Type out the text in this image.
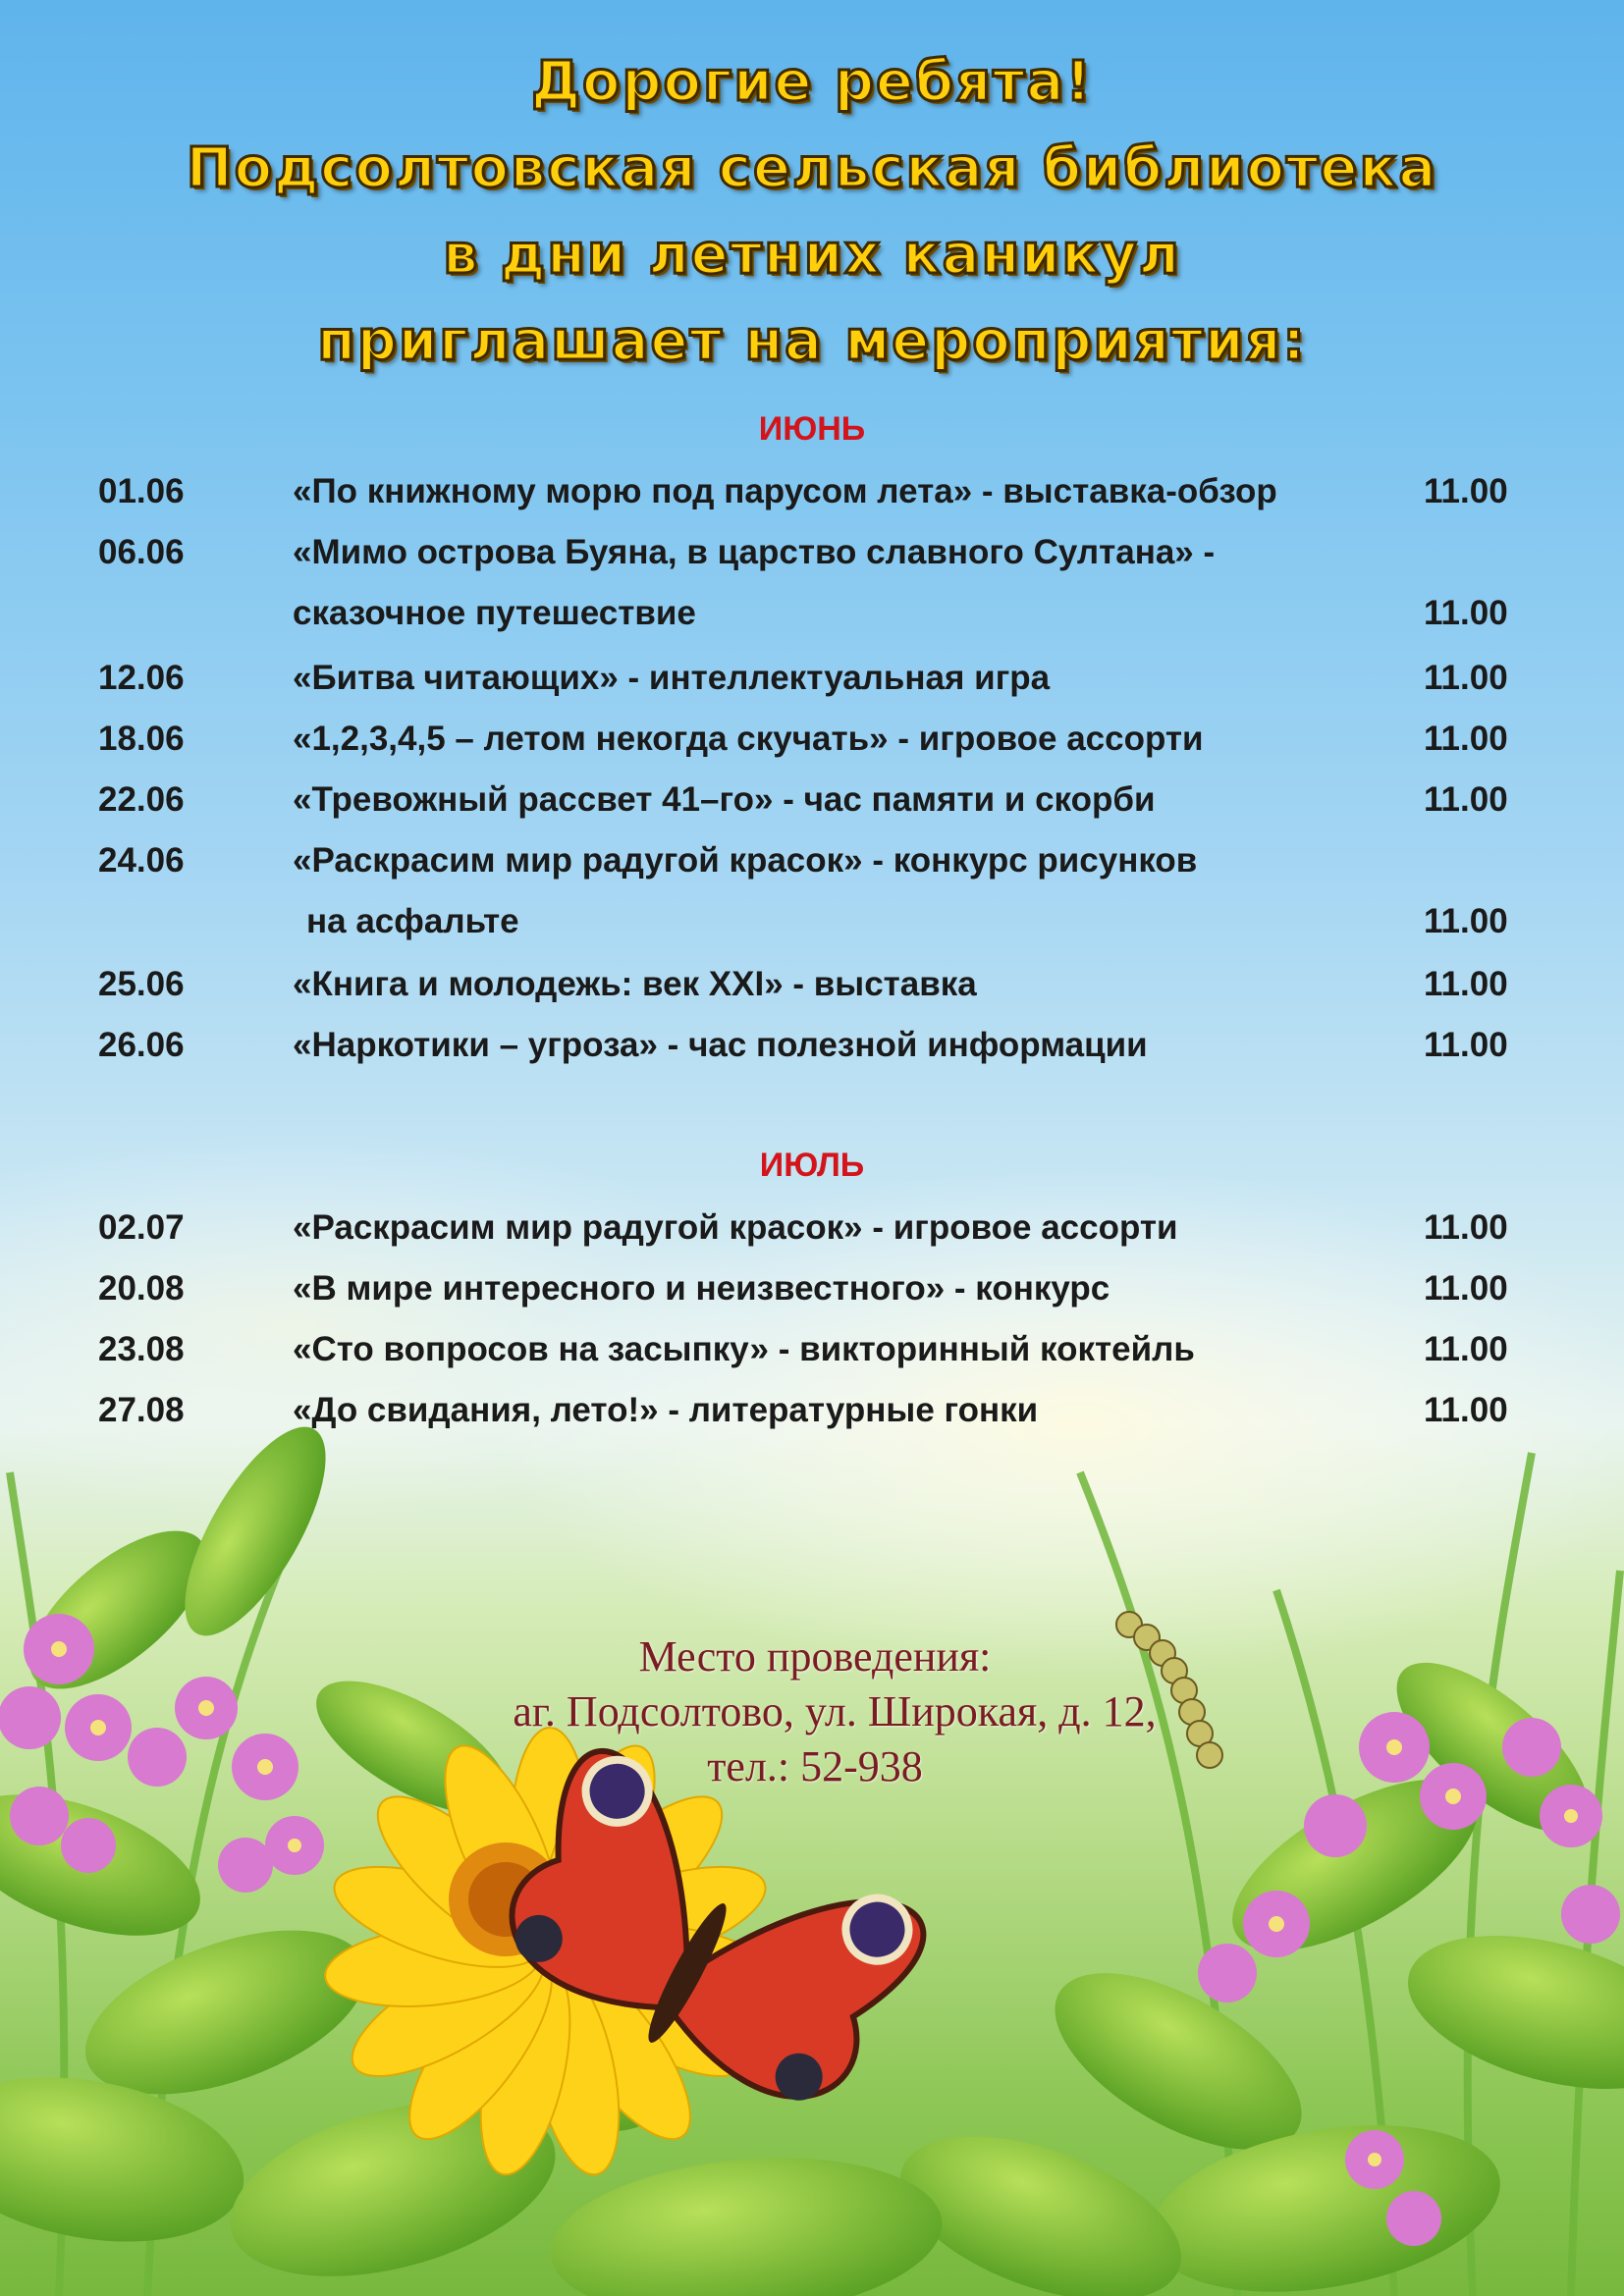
Дорогие ребята!
Подсолтовская сельская библиотека
в дни летних каникул
приглашает на мероприятия:
ИЮНЬ
01.06	«По книжному морю под парусом лета» - выставка-обзор	11.00
06.06	«Мимо острова Буяна, в царство славного Султана» -
сказочное путешествие	11.00
12.06	«Битва читающих» - интеллектуальная игра	11.00
18.06	«1,2,3,4,5 – летом некогда скучать» - игровое ассорти	11.00
22.06	«Тревожный рассвет 41–го» - час памяти и скорби	11.00
24.06	«Раскрасим мир радугой красок» - конкурс рисунков
на асфальте	11.00
25.06	«Книга и молодежь: век XXI» - выставка	11.00
26.06	«Наркотики – угроза» - час полезной информации	11.00
ИЮЛЬ
02.07	«Раскрасим мир радугой красок» - игровое ассорти	11.00
20.08	«В мире интересного и неизвестного» - конкурс	11.00
23.08	«Сто вопросов на засыпку» - викторинный коктейль	11.00
27.08	«До свидания, лето!» - литературные гонки	11.00
Место проведения:
аг. Подсолтово, ул. Широкая, д. 12,
тел.: 52-938
